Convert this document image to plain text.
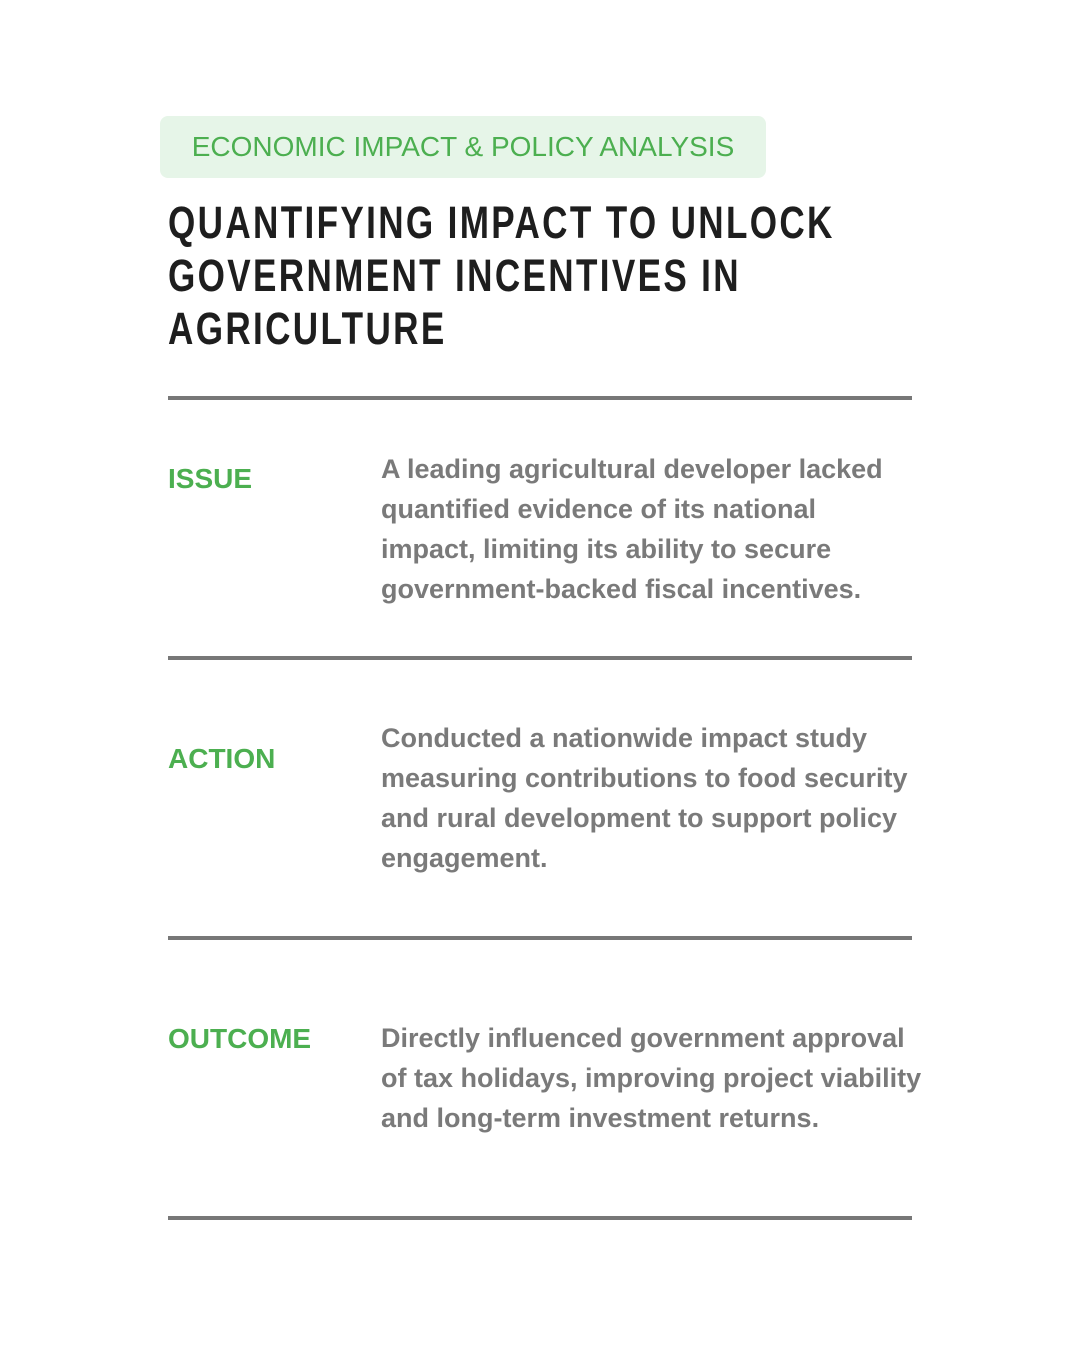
ECONOMIC IMPACT & POLICY ANALYSIS
QUANTIFYING IMPACT TO UNLOCK
GOVERNMENT INCENTIVES IN
AGRICULTURE
ISSUE	A leading agricultural developer lacked
quantified evidence of its national
impact, limiting its ability to secure
government-backed fiscal incentives.
ACTION
Conducted a nationwide impact study
measuring contributions to food security
and rural development to support policy
engagement.
OUTCOME	Directly influenced government approval
of tax holidays, improving project viability
and long-term investment returns.
